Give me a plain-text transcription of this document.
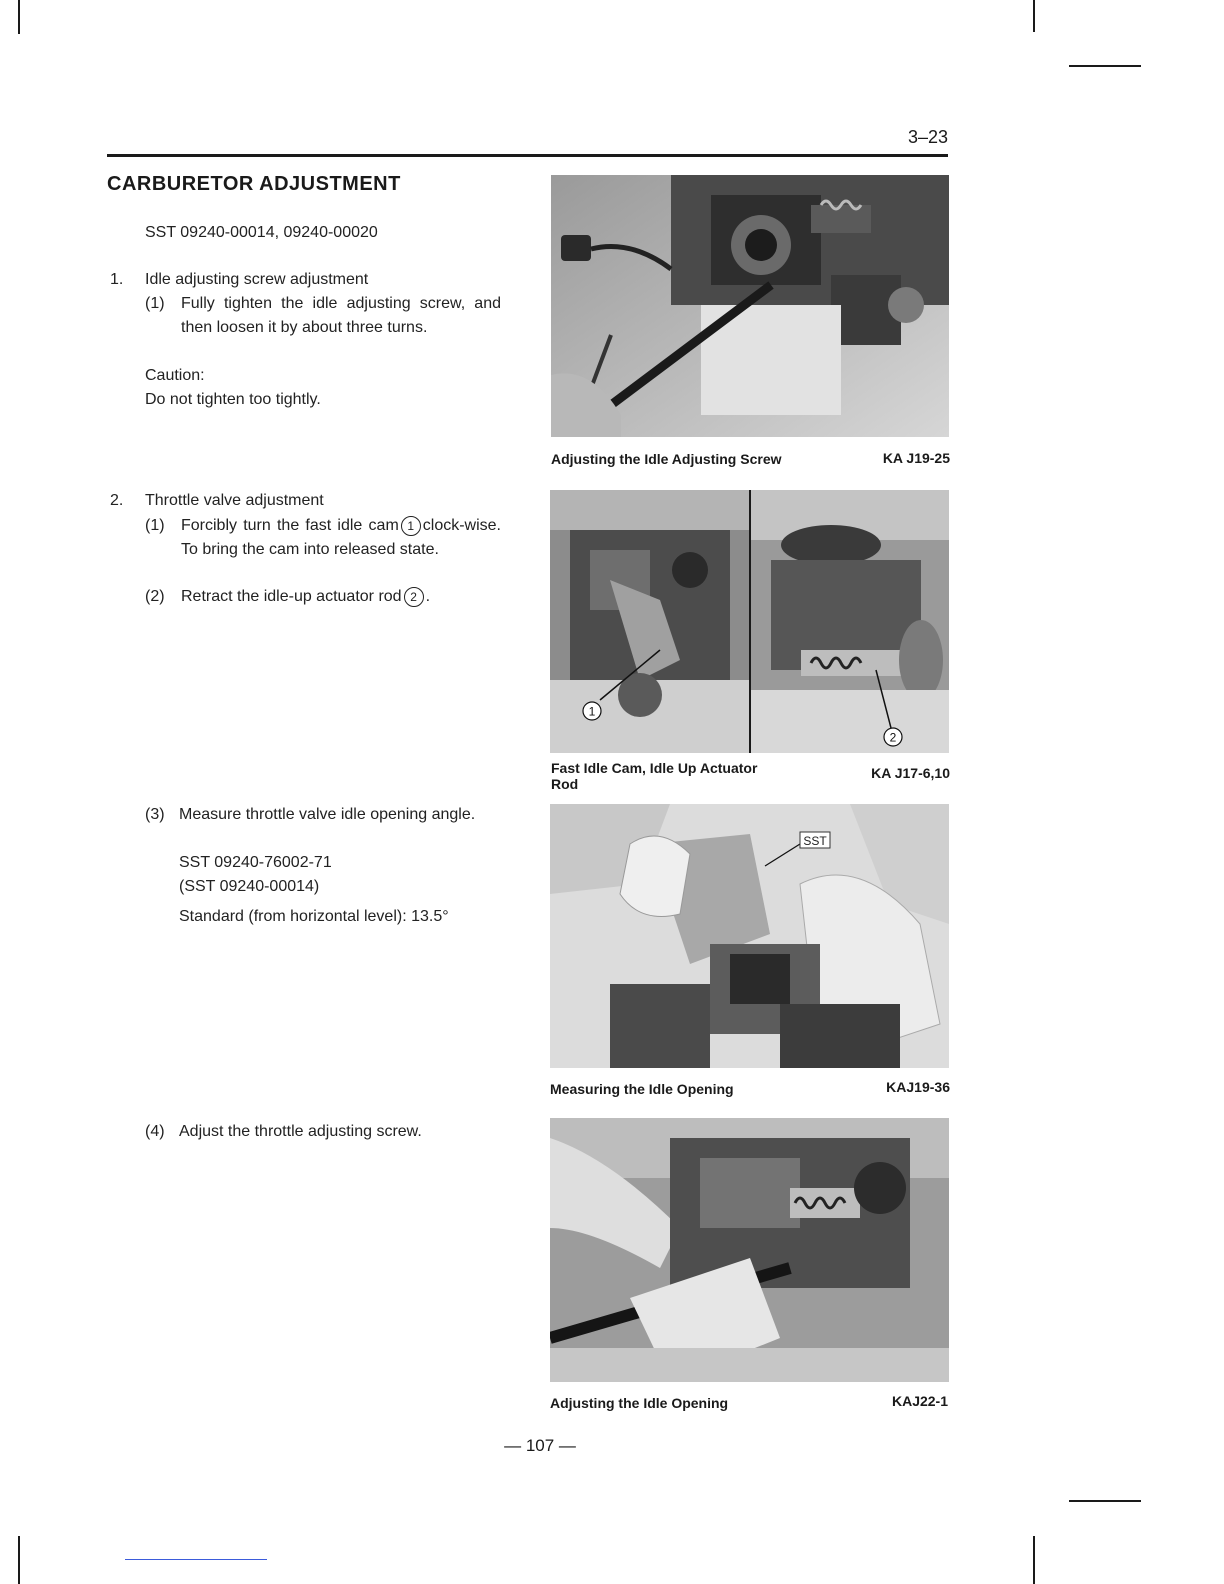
3–23
CARBURETOR ADJUSTMENT
SST 09240-00014, 09240-00020
1. Idle adjusting screw adjustment
(1) Fully tighten the idle adjusting screw, and then loosen it by about three turns.
Caution:
Do not tighten too tightly.
2. Throttle valve adjustment
(1) Forcibly turn the fast idle cam 1 clock-wise. To bring the cam into released state.
(2) Retract the idle-up actuator rod 2 .
(3) Measure throttle valve idle opening angle.
SST 09240-76002-71
(SST 09240-00014)
Standard (from horizontal level): 13.5°
(4) Adjust the throttle adjusting screw.
Adjusting the Idle Adjusting Screw	KA J19-25
1
2
Fast Idle Cam, Idle Up Actuator Rod
KA J17-6,10
SST
Measuring the Idle Opening	KAJ19-36
Adjusting the Idle Opening	KAJ22-1
— 107 —
